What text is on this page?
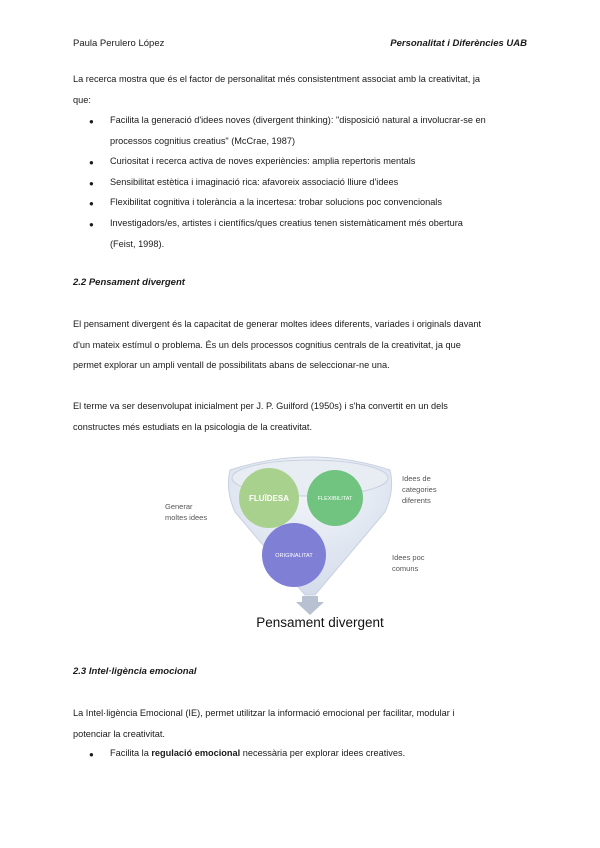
Paula Perulero López	Personalitat i Diferències UAB
La recerca mostra que és el factor de personalitat més consistentment associat amb la creativitat, ja
que:
● Facilita la generació d'idees noves (divergent thinking): "disposició natural a involucrar-se en
processos cognitius creatius" (McCrae, 1987)
● Curiositat i recerca activa de noves experiències: amplia repertoris mentals
● Sensibilitat estètica i imaginació rica: afavoreix associació lliure d'idees
● Flexibilitat cognitiva i tolerància a la incertesa: trobar solucions poc convencionals
● Investigadors/es, artistes i científics/ques creatius tenen sistemàticament més obertura
(Feist, 1998).
2.2 Pensament divergent
El pensament divergent és la capacitat de generar moltes idees diferents, variades i originals davant
d'un mateix estímul o problema. És un dels processos cognitius centrals de la creativitat, ja que
permet explorar un ampli ventall de possibilitats abans de seleccionar-ne una.
El terme va ser desenvolupat inicialment per J. P. Guilford (1950s) i s'ha convertit en un dels
constructes més estudiats en la psicologia de la creativitat.
FLUÏDESA	FLEXIBILITAT
ORIGINALITAT
Generar
moltes idees
Idees de
categories
diferents
Idees poc
comuns
Pensament divergent
2.3 Intel·ligència emocional
La Intel·ligència Emocional (IE), permet utilitzar la informació emocional per facilitar, modular i
potenciar la creativitat.
● Facilita la regulació emocional necessària per explorar idees creatives.
